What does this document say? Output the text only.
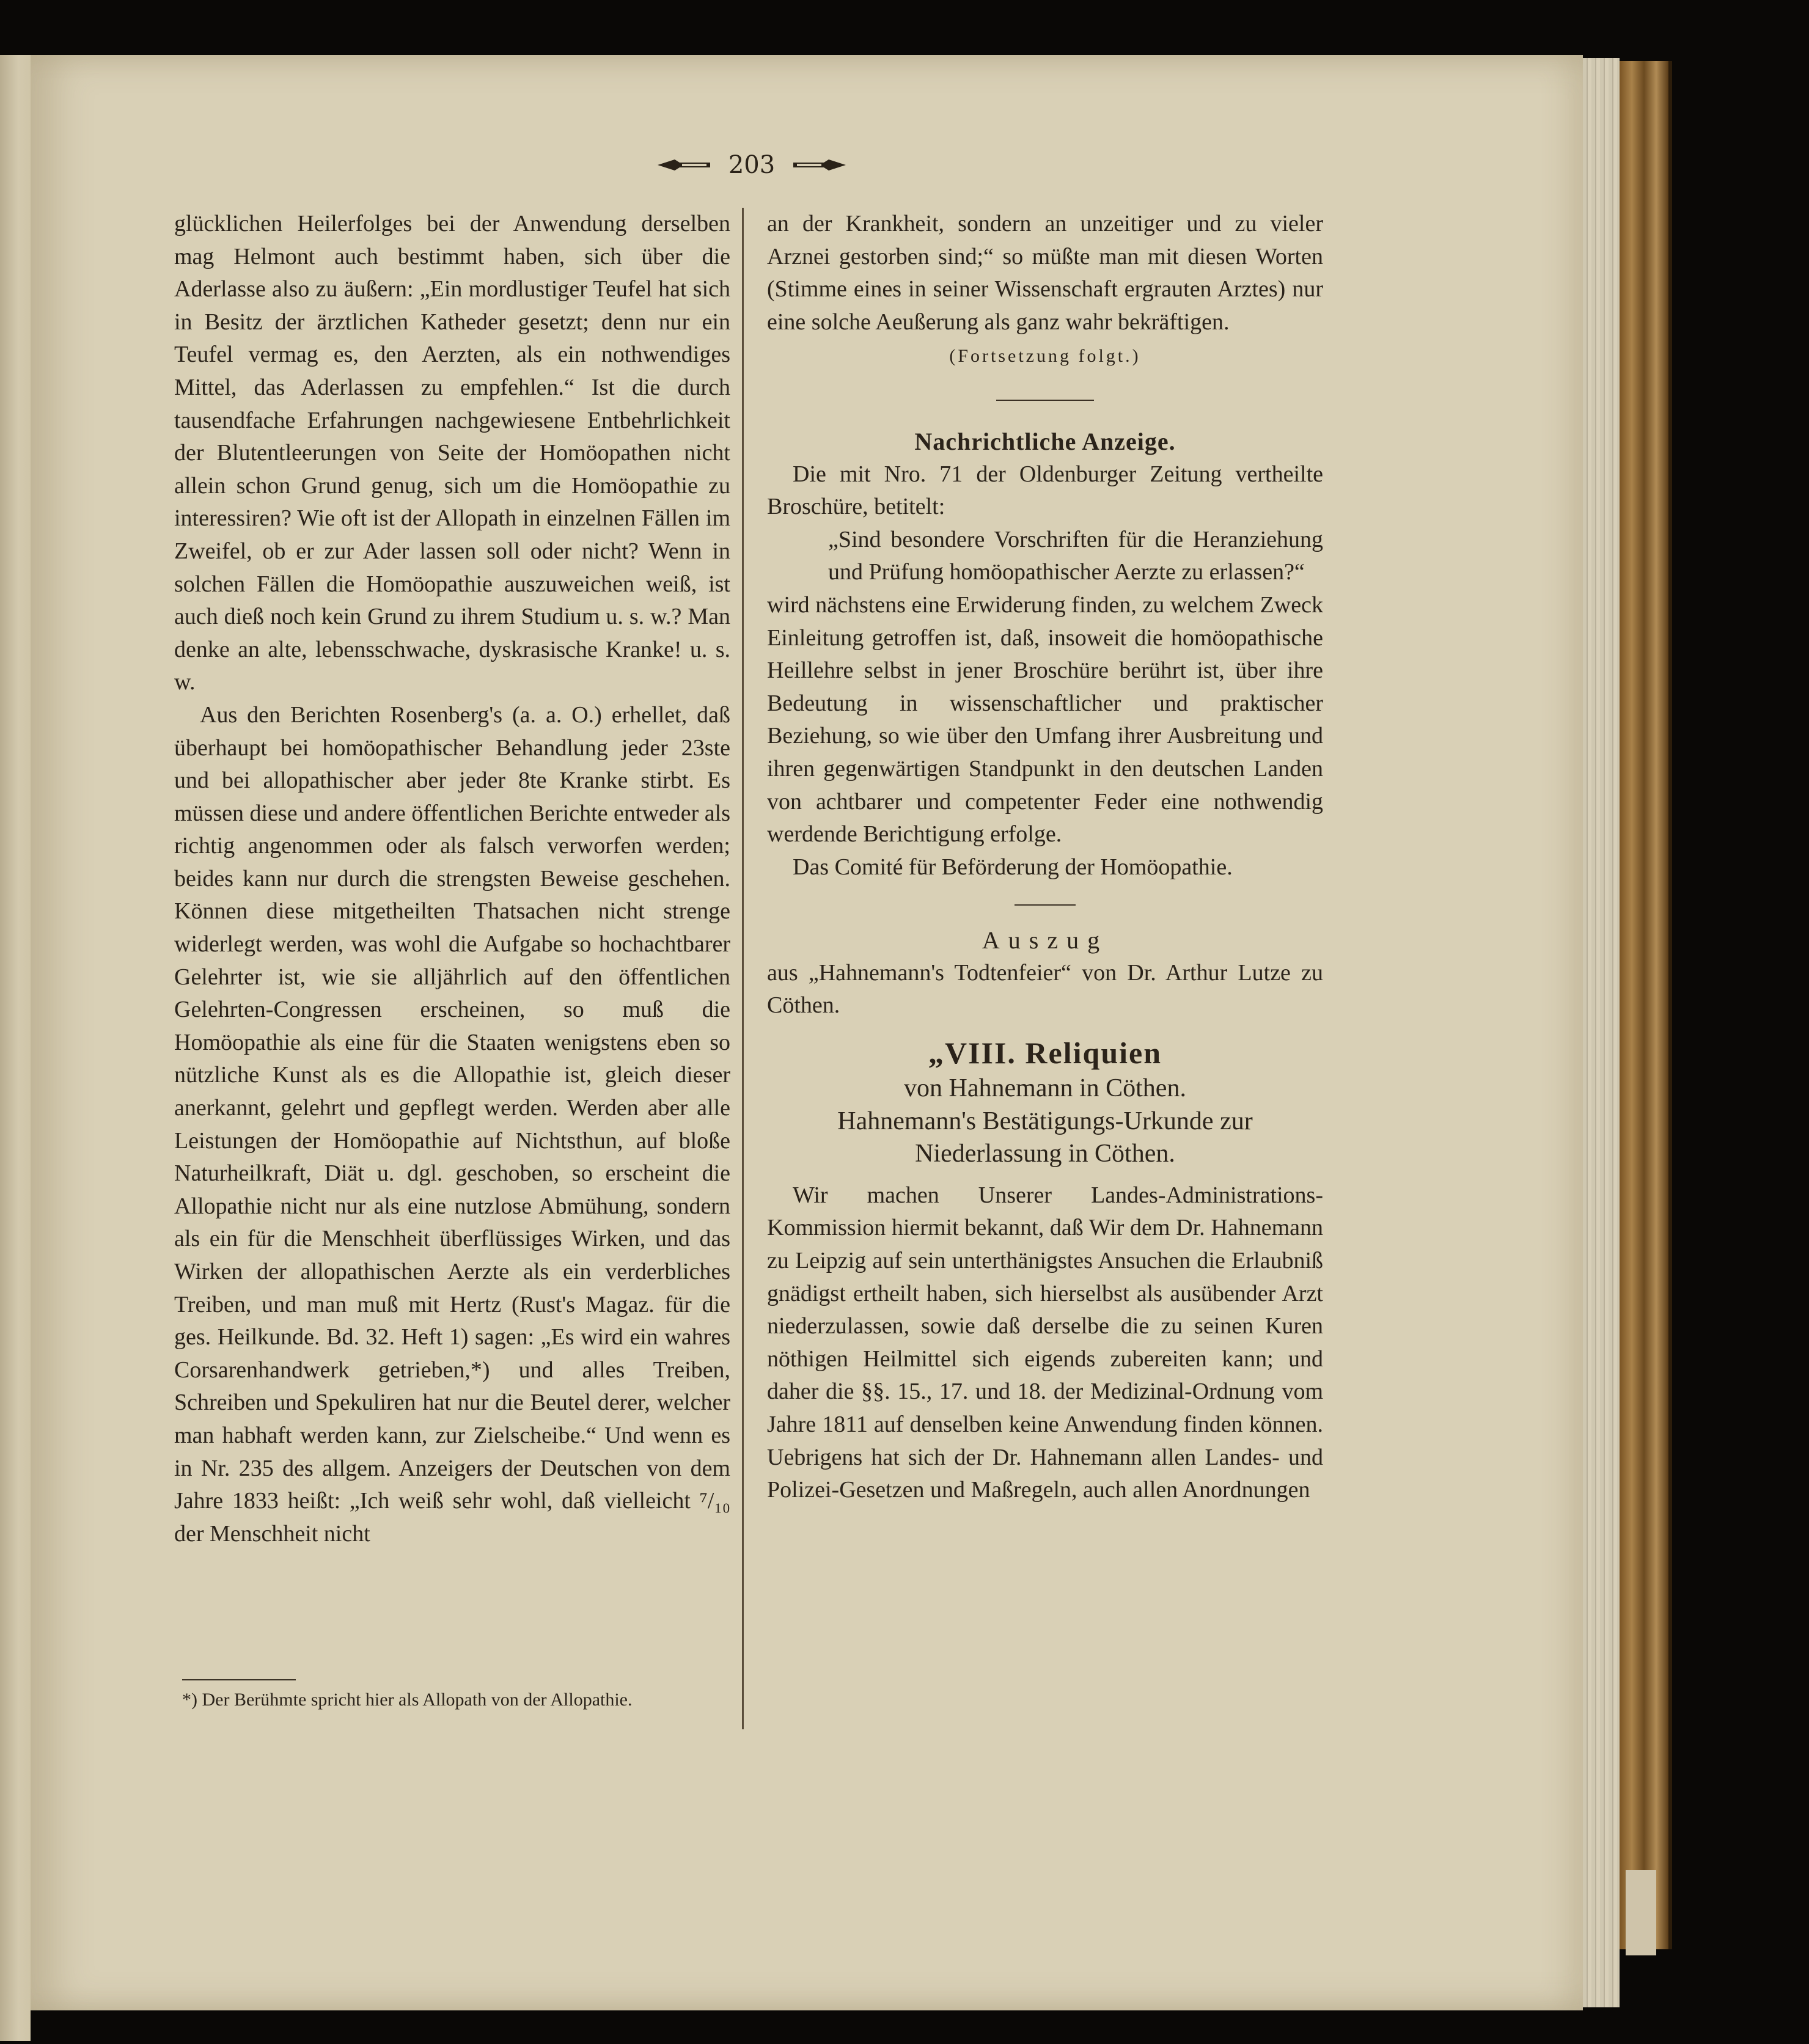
203

glücklichen Heilerfolges bei der Anwendung derselben mag Helmont auch bestimmt haben, sich über die Aderlasse also zu äußern: „Ein mordlustiger Teufel hat sich in Besitz der ärztlichen Katheder gesetzt; denn nur ein Teufel vermag es, den Aerzten, als ein nothwendiges Mittel, das Aderlassen zu empfehlen.“ Ist die durch tausendfache Erfahrungen nachgewiesene Entbehrlichkeit der Blutentleerungen von Seite der Homöopathen nicht allein schon Grund genug, sich um die Homöopathie zu interessiren? Wie oft ist der Allopath in einzelnen Fällen im Zweifel, ob er zur Ader lassen soll oder nicht? Wenn in solchen Fällen die Homöopathie auszuweichen weiß, ist auch dieß noch kein Grund zu ihrem Studium u. s. w.? Man denke an alte, lebensschwache, dyskrasische Kranke! u. s. w.

Aus den Berichten Rosenberg's (a. a. O.) erhellet, daß überhaupt bei homöopathischer Behandlung jeder 23ste und bei allopathischer aber jeder 8te Kranke stirbt. Es müssen diese und andere öffentlichen Berichte entweder als richtig angenommen oder als falsch verworfen werden; beides kann nur durch die strengsten Beweise geschehen. Können diese mitgetheilten Thatsachen nicht strenge widerlegt werden, was wohl die Aufgabe so hochachtbarer Gelehrter ist, wie sie alljährlich auf den öffentlichen Gelehrten-Congressen erscheinen, so muß die Homöopathie als eine für die Staaten wenigstens eben so nützliche Kunst als es die Allopathie ist, gleich dieser anerkannt, gelehrt und gepflegt werden. Werden aber alle Leistungen der Homöopathie auf Nichtsthun, auf bloße Naturheilkraft, Diät u. dgl. geschoben, so erscheint die Allopathie nicht nur als eine nutzlose Abmühung, sondern als ein für die Menschheit überflüssiges Wirken, und das Wirken der allopathischen Aerzte als ein verderbliches Treiben, und man muß mit Hertz (Rust's Magaz. für die ges. Heilkunde. Bd. 32. Heft 1) sagen: „Es wird ein wahres Corsarenhandwerk getrieben,*) und alles Treiben, Schreiben und Spekuliren hat nur die Beutel derer, welcher man habhaft werden kann, zur Zielscheibe.“ Und wenn es in Nr. 235 des allgem. Anzeigers der Deutschen von dem Jahre 1833 heißt: „Ich weiß sehr wohl, daß vielleicht ⁷/₁₀ der Menschheit nicht

*) Der Berühmte spricht hier als Allopath von der Allopathie.

an der Krankheit, sondern an unzeitiger und zu vieler Arznei gestorben sind;“ so müßte man mit diesen Worten (Stimme eines in seiner Wissenschaft ergrauten Arztes) nur eine solche Aeußerung als ganz wahr bekräftigen.

(Fortsetzung folgt.)

Nachrichtliche Anzeige.

Die mit Nro. 71 der Oldenburger Zeitung vertheilte Broschüre, betitelt:

„Sind besondere Vorschriften für die Heranziehung und Prüfung homöopathischer Aerzte zu erlassen?“

wird nächstens eine Erwiderung finden, zu welchem Zweck Einleitung getroffen ist, daß, insoweit die homöopathische Heillehre selbst in jener Broschüre berührt ist, über ihre Bedeutung in wissenschaftlicher und praktischer Beziehung, so wie über den Umfang ihrer Ausbreitung und ihren gegenwärtigen Standpunkt in den deutschen Landen von achtbarer und competenter Feder eine nothwendig werdende Berichtigung erfolge.

Das Comité für Beförderung der Homöopathie.

Auszug

aus „Hahnemann's Todtenfeier“ von Dr. Arthur Lutze zu Cöthen.

„VIII. Reliquien

von Hahnemann in Cöthen.

Hahnemann's Bestätigungs-Urkunde zur Niederlassung in Cöthen.

Wir machen Unserer Landes-Administrations-Kommission hiermit bekannt, daß Wir dem Dr. Hahnemann zu Leipzig auf sein unterthänigstes Ansuchen die Erlaubniß gnädigst ertheilt haben, sich hierselbst als ausübender Arzt niederzulassen, sowie daß derselbe die zu seinen Kuren nöthigen Heilmittel sich eigends zubereiten kann; und daher die §§. 15., 17. und 18. der Medizinal-Ordnung vom Jahre 1811 auf denselben keine Anwendung finden können. Uebrigens hat sich der Dr. Hahnemann allen Landes- und Polizei-Gesetzen und Maßregeln, auch allen Anordnungen
